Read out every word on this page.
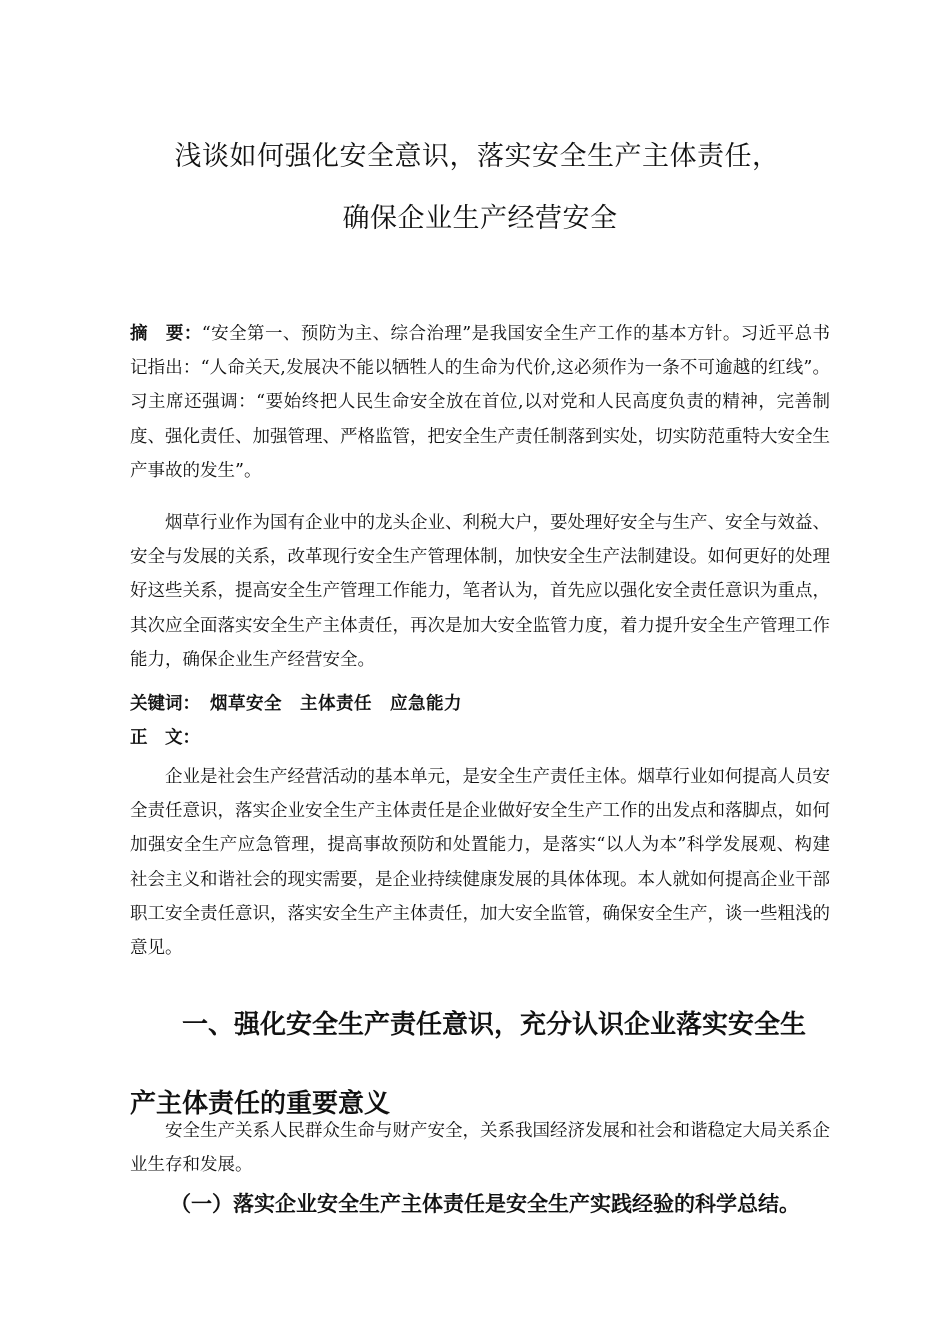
浅谈如何强化安全意识，落实安全生产主体责任，
确保企业生产经营安全

摘　要：“安全第一、预防为主、综合治理”是我国安全生产工作的基本方针。习近平总书记指出：“人命关天,发展决不能以牺牲人的生命为代价,这必须作为一条不可逾越的红线”。习主席还强调：“要始终把人民生命安全放在首位,以对党和人民高度负责的精神，完善制度、强化责任、加强管理、严格监管，把安全生产责任制落到实处，切实防范重特大安全生产事故的发生”。

烟草行业作为国有企业中的龙头企业、利税大户，要处理好安全与生产、安全与效益、安全与发展的关系，改革现行安全生产管理体制，加快安全生产法制建设。如何更好的处理好这些关系，提高安全生产管理工作能力，笔者认为，首先应以强化安全责任意识为重点，其次应全面落实安全生产主体责任，再次是加大安全监管力度，着力提升安全生产管理工作能力，确保企业生产经营安全。

关键词： 烟草安全　主体责任　应急能力
正　文：

企业是社会生产经营活动的基本单元，是安全生产责任主体。烟草行业如何提高人员安全责任意识，落实企业安全生产主体责任是企业做好安全生产工作的出发点和落脚点，如何加强安全生产应急管理，提高事故预防和处置能力，是落实“以人为本”科学发展观、构建社会主义和谐社会的现实需要，是企业持续健康发展的具体体现。本人就如何提高企业干部职工安全责任意识，落实安全生产主体责任，加大安全监管，确保安全生产，谈一些粗浅的意见。

一、强化安全生产责任意识，充分认识企业落实安全生产主体责任的重要意义

安全生产关系人民群众生命与财产安全，关系我国经济发展和社会和谐稳定大局关系企业生存和发展。

（一）落实企业安全生产主体责任是安全生产实践经验的科学总结。
